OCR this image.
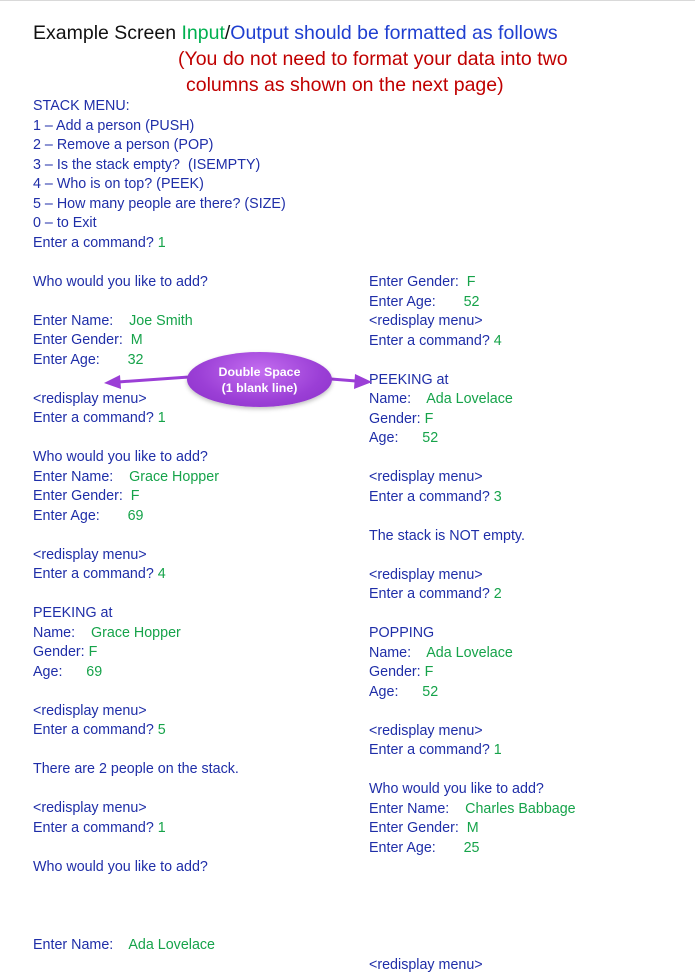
Example Screen Input/Output should be formatted as follows
(You do not need to format your data into two
columns as shown on the next page)
STACK MENU:
1 – Add a person (PUSH)
2 – Remove a person (POP)
3 – Is the stack empty?  (ISEMPTY)
4 – Who is on top? (PEEK)
5 – How many people are there? (SIZE)
0 – to Exit
Enter a command? 1
Who would you like to add?
Enter Name:    Joe Smith
Enter Gender:  M
Enter Age:       32
<redisplay menu>
Enter a command? 1
Who would you like to add?
Enter Name:    Grace Hopper
Enter Gender:  F
Enter Age:       69
<redisplay menu>
Enter a command? 4
PEEKING at
Name:    Grace Hopper
Gender: F
Age:      69
<redisplay menu>
Enter a command? 5
There are 2 people on the stack.
<redisplay menu>
Enter a command? 1
Who would you like to add?
Enter Name:    Ada Lovelace
Enter Gender:  F
Enter Age:       52
<redisplay menu>
Enter a command? 4
PEEKING at
Name:    Ada Lovelace
Gender: F
Age:      52
<redisplay menu>
Enter a command? 3
The stack is NOT empty.
<redisplay menu>
Enter a command? 2
POPPING
Name:    Ada Lovelace
Gender: F
Age:      52
<redisplay menu>
Enter a command? 1
Who would you like to add?
Enter Name:    Charles Babbage
Enter Gender:  M
Enter Age:       25
<redisplay menu>
Double Space
(1 blank line)
